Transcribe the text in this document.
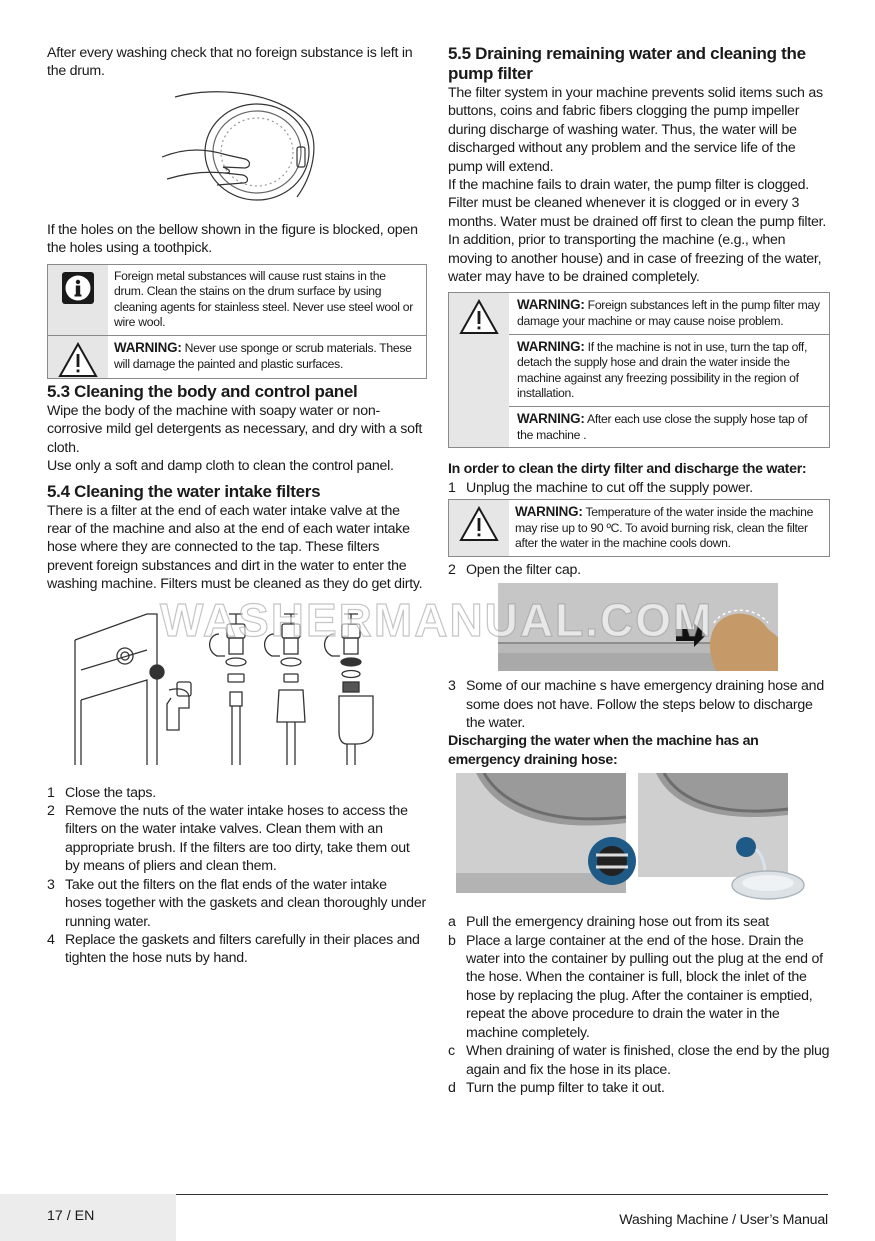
After every washing check that no foreign substance is left in the drum.

If the holes on the bellow shown in the figure is blocked, open the holes using a toothpick.

Foreign metal substances will cause rust stains in the drum. Clean the stains on the drum surface by using cleaning agents for stainless steel. Never use steel wool or wire wool.
WARNING: Never use sponge or scrub materials. These will damage the painted and plastic surfaces.
5.3 Cleaning the body and control panel

Wipe the body of the machine with soapy water or non-corrosive mild gel detergents as necessary, and dry with a soft cloth.

Use only a soft and damp cloth to clean the control panel.

5.4 Cleaning the water intake filters

There is a filter at the end of each water intake valve at the rear of the machine and also at the end of each water intake hose where they are connected to the tap. These filters prevent foreign substances and dirt in the water to enter the washing machine. Filters must be cleaned as they do get dirty.

1 Close the taps.
2 Remove the nuts of the water intake hoses to access the filters on the water intake valves. Clean them with an appropriate brush. If the filters are too dirty, take them out by means of pliers and clean them.
3 Take out the filters on the flat ends of the water intake hoses together with the gaskets and clean thoroughly under running water.
4 Replace the gaskets and filters carefully in their places and tighten the hose nuts by hand.
5.5 Draining remaining water and cleaning the pump filter

The filter system in your machine prevents solid items such as buttons, coins and fabric fibers clogging the pump impeller during discharge of washing water. Thus, the water will be discharged without any problem and the service life of the pump will extend.

If the machine fails to drain water, the pump filter is clogged. Filter must be cleaned whenever it is clogged or in every 3 months. Water must be drained off first to clean the pump filter.

In addition, prior to transporting the machine (e.g., when moving to another house) and in case of freezing of the water, water may have to be drained completely.

WARNING: Foreign substances left in the pump filter may damage your machine or may cause noise problem.
WARNING: If the machine is not in use, turn the tap off, detach the supply hose and drain the water inside the machine against any freezing possibility in the region of installation.
WARNING: After each use close the supply hose tap of the machine .
In order to clean the dirty filter and discharge the water:
1 Unplug the machine to cut off the supply power.
WARNING: Temperature of the water inside the machine may rise up to 90 ºC. To avoid burning risk, clean the filter after the water in the machine cools down.
2 Open the filter cap.
3 Some of our machine s have emergency draining hose and some does not have. Follow the steps below to discharge the water.
Discharging the water when the machine has an emergency draining hose:
a Pull the emergency draining hose out from its seat
b Place a large container at the end of the hose. Drain the water into the container by pulling out the plug at the end of the hose. When the container is full, block the inlet of the hose by replacing the plug. After the container is emptied, repeat the above procedure to drain the water in the machine completely.
c When draining of water is finished, close the end by the plug again and fix the hose in its place.
d Turn the pump filter to take it out.
WASHERMANUAL.COM
17 / EN	Washing Machine / User’s Manual
